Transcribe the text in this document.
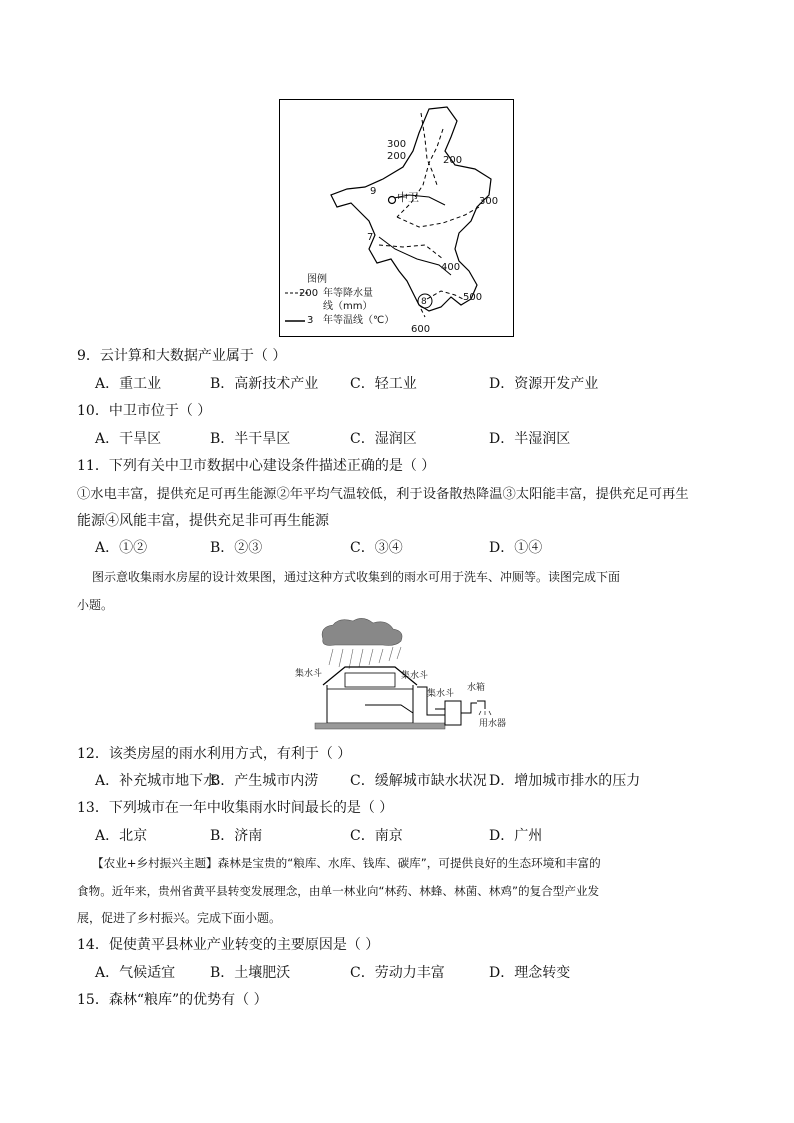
300
200	200
300
9 中卫
7
400
500
8
600
图例
200 年等降水量
线（mm）
3 年等温线（℃）
9．云计算和大数据产业属于（ ）
A．重工业	B．高新技术产业 C．轻工业	D．资源开发产业
10．中卫市位于（ ）
A．干旱区	B．半干旱区	C．湿润区	D．半湿润区
11．下列有关中卫市数据中心建设条件描述正确的是（ ）
①水电丰富，提供充足可再生能源②年平均气温较低，利于设备散热降温③太阳能丰富，提供充足可再生
能源④风能丰富，提供充足非可再生能源
A．①②	B．②③	C．③④	D．①④
图示意收集雨水房屋的设计效果图，通过这种方式收集到的雨水可用于洗车、冲厕等。读图完成下面
小题。
集水斗	集水斗
集水斗
水箱
用水器
12．该类房屋的雨水利用方式，有利于（ ）
A．补充城市地下水
B．产生城市内涝 C．缓解城市缺水状况 D．增加城市排水的压力
13．下列城市在一年中收集雨水时间最长的是（ ）
A．北京	B．济南	C．南京	D．广州
【农业+乡村振兴主题】森林是宝贵的“粮库、水库、钱库、碳库”，可提供良好的生态环境和丰富的
食物。近年来，贵州省黄平县转变发展理念，由单一林业向“林药、林蜂、林菌、林鸡”的复合型产业发
展，促进了乡村振兴。完成下面小题。
14．促使黄平县林业产业转变的主要原因是（ ）
A．气候适宜 B．土壤肥沃	C．劳动力丰富	D．理念转变
15．森林“粮库”的优势有（ ）
